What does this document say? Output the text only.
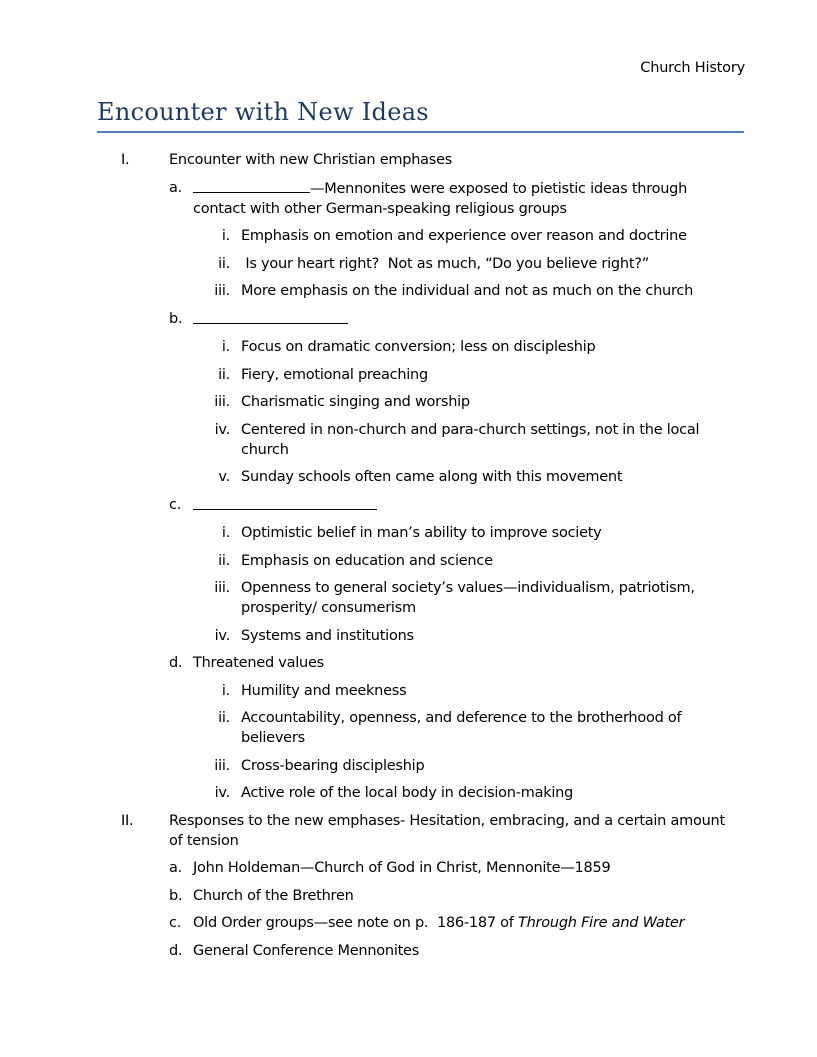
Church History
Encounter with New Ideas
I.	Encounter with new Christian emphases
a.	—Mennonites were exposed to pietistic ideas through contact with other German-speaking religious groups
i. Emphasis on emotion and experience over reason and doctrine
ii. Is your heart right?  Not as much, “Do you believe right?”
iii. More emphasis on the individual and not as much on the church
b.
i. Focus on dramatic conversion; less on discipleship
ii. Fiery, emotional preaching
iii. Charismatic singing and worship
iv. Centered in non-church and para-church settings, not in the local church
v. Sunday schools often came along with this movement
c.
i. Optimistic belief in man’s ability to improve society
ii. Emphasis on education and science
iii. Openness to general society’s values—individualism, patriotism, prosperity/ consumerism
iv. Systems and institutions
d. Threatened values
i. Humility and meekness
ii. Accountability, openness, and deference to the brotherhood of believers
iii. Cross-bearing discipleship
iv. Active role of the local body in decision-making
II. Responses to the new emphases- Hesitation, embracing, and a certain amount of tension
a. John Holdeman—Church of God in Christ, Mennonite—1859
b. Church of the Brethren
c. Old Order groups—see note on p.  186-187 of Through Fire and Water
d. General Conference Mennonites
